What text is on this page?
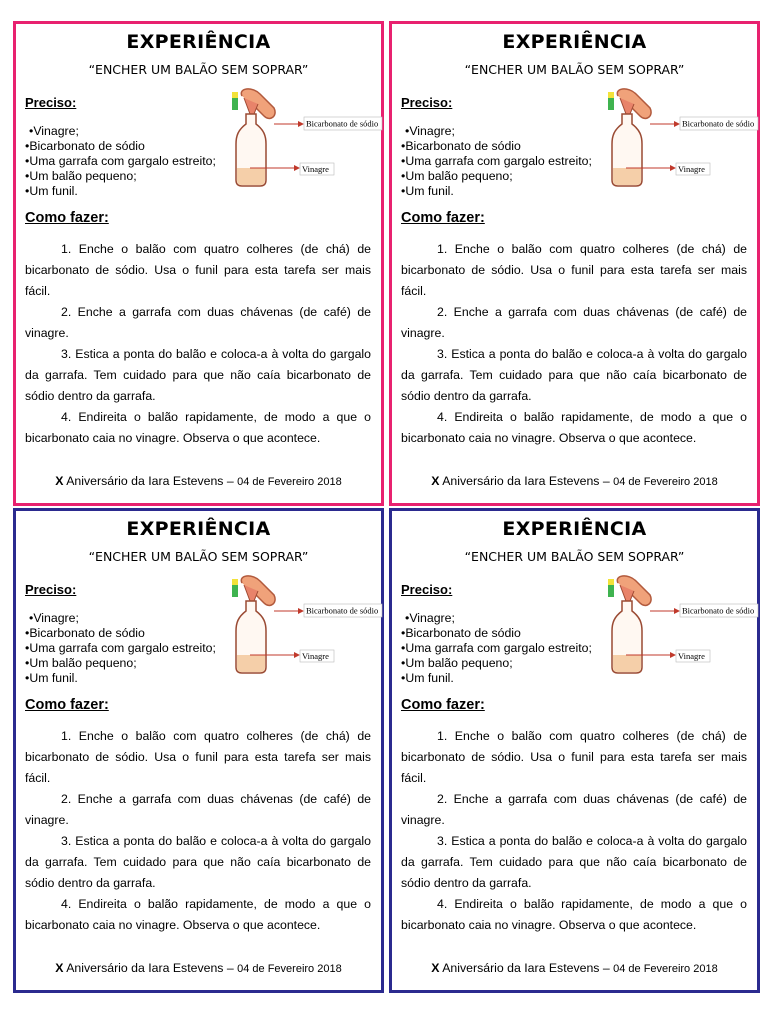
EXPERIÊNCIA
“ENCHER UM BALÃO SEM SOPRAR”
Preciso:
• Vinagre;
• Bicarbonato de sódio
• Uma garrafa com gargalo estreito;
• Um balão pequeno;
• Um funil.
Bicarbonato de sódio
Vinagre
Como fazer:

1. Enche o balão com quatro colheres (de chá) de bicarbonato de sódio. Usa o funil para esta tarefa ser mais fácil.

2. Enche a garrafa com duas chávenas (de café) de vinagre.

3. Estica a ponta do balão e coloca-a à volta do gargalo da garrafa. Tem cuidado para que não caía bicarbonato de sódio dentro da garrafa.

4. Endireita o balão rapidamente, de modo a que o bicarbonato caia no vinagre. Observa o que acontece.

X Aniversário da Iara Estevens – 04 de Fevereiro 2018
EXPERIÊNCIA
“ENCHER UM BALÃO SEM SOPRAR”
Preciso:
• Vinagre;
• Bicarbonato de sódio
• Uma garrafa com gargalo estreito;
• Um balão pequeno;
• Um funil.
Bicarbonato de sódio
Vinagre
Como fazer:

1. Enche o balão com quatro colheres (de chá) de bicarbonato de sódio. Usa o funil para esta tarefa ser mais fácil.

2. Enche a garrafa com duas chávenas (de café) de vinagre.

3. Estica a ponta do balão e coloca-a à volta do gargalo da garrafa. Tem cuidado para que não caía bicarbonato de sódio dentro da garrafa.

4. Endireita o balão rapidamente, de modo a que o bicarbonato caia no vinagre. Observa o que acontece.

X Aniversário da Iara Estevens – 04 de Fevereiro 2018
EXPERIÊNCIA
“ENCHER UM BALÃO SEM SOPRAR”
Preciso:
• Vinagre;
• Bicarbonato de sódio
• Uma garrafa com gargalo estreito;
• Um balão pequeno;
• Um funil.
Bicarbonato de sódio
Vinagre
Como fazer:

1. Enche o balão com quatro colheres (de chá) de bicarbonato de sódio. Usa o funil para esta tarefa ser mais fácil.

2. Enche a garrafa com duas chávenas (de café) de vinagre.

3. Estica a ponta do balão e coloca-a à volta do gargalo da garrafa. Tem cuidado para que não caía bicarbonato de sódio dentro da garrafa.

4. Endireita o balão rapidamente, de modo a que o bicarbonato caia no vinagre. Observa o que acontece.

X Aniversário da Iara Estevens – 04 de Fevereiro 2018
EXPERIÊNCIA
“ENCHER UM BALÃO SEM SOPRAR”
Preciso:
• Vinagre;
• Bicarbonato de sódio
• Uma garrafa com gargalo estreito;
• Um balão pequeno;
• Um funil.
Bicarbonato de sódio
Vinagre
Como fazer:

1. Enche o balão com quatro colheres (de chá) de bicarbonato de sódio. Usa o funil para esta tarefa ser mais fácil.

2. Enche a garrafa com duas chávenas (de café) de vinagre.

3. Estica a ponta do balão e coloca-a à volta do gargalo da garrafa. Tem cuidado para que não caía bicarbonato de sódio dentro da garrafa.

4. Endireita o balão rapidamente, de modo a que o bicarbonato caia no vinagre. Observa o que acontece.

X Aniversário da Iara Estevens – 04 de Fevereiro 2018
